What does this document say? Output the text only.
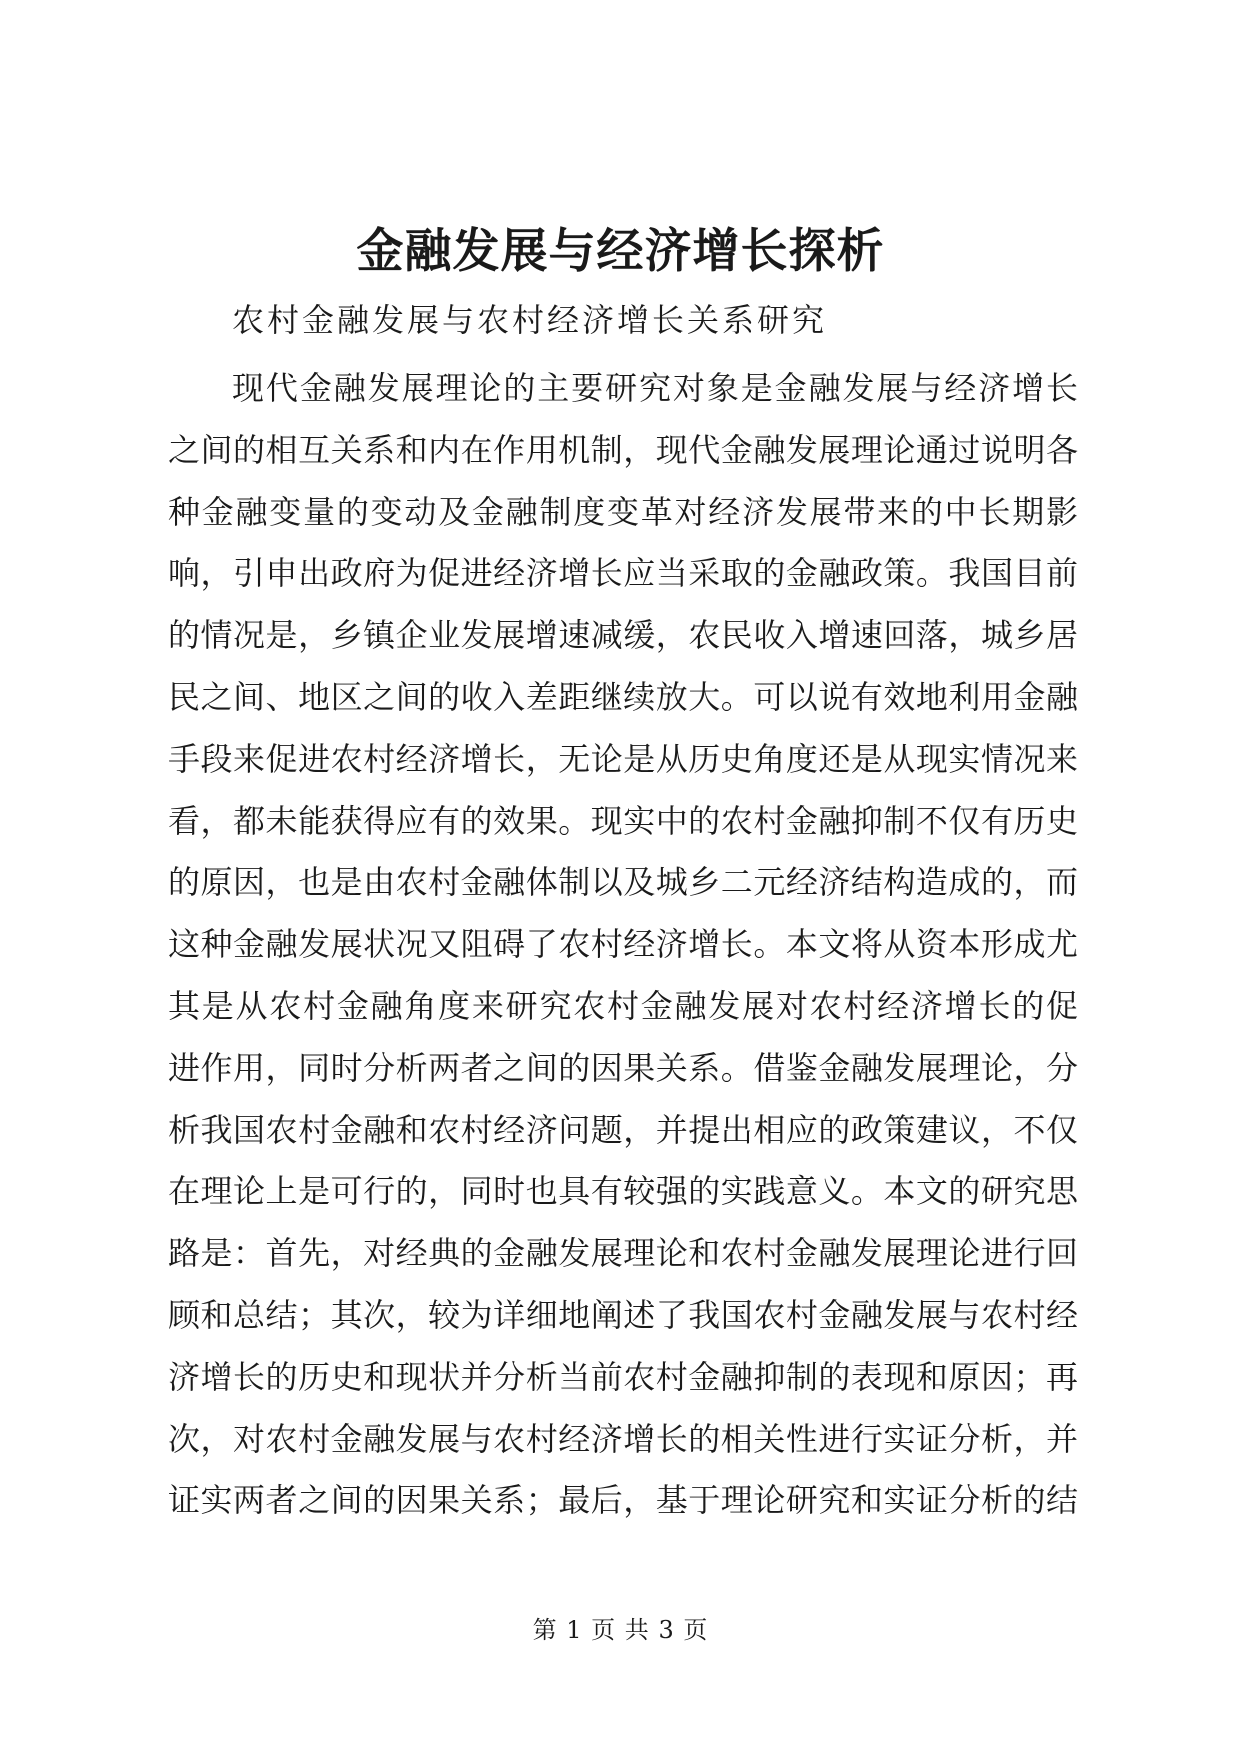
金融发展与经济增长探析

农村金融发展与农村经济增长关系研究

现代金融发展理论的主要研究对象是金融发展与经济增长
之间的相互关系和内在作用机制，现代金融发展理论通过说明各
种金融变量的变动及金融制度变革对经济发展带来的中长期影
响，引申出政府为促进经济增长应当采取的金融政策。我国目前
的情况是，乡镇企业发展增速减缓，农民收入增速回落，城乡居
民之间、地区之间的收入差距继续放大。可以说有效地利用金融
手段来促进农村经济增长，无论是从历史角度还是从现实情况来
看，都未能获得应有的效果。现实中的农村金融抑制不仅有历史
的原因，也是由农村金融体制以及城乡二元经济结构造成的，而
这种金融发展状况又阻碍了农村经济增长。本文将从资本形成尤
其是从农村金融角度来研究农村金融发展对农村经济增长的促
进作用，同时分析两者之间的因果关系。借鉴金融发展理论，分
析我国农村金融和农村经济问题，并提出相应的政策建议，不仅
在理论上是可行的，同时也具有较强的实践意义。本文的研究思
路是：首先，对经典的金融发展理论和农村金融发展理论进行回
顾和总结；其次，较为详细地阐述了我国农村金融发展与农村经
济增长的历史和现状并分析当前农村金融抑制的表现和原因；再
次，对农村金融发展与农村经济增长的相关性进行实证分析，并
证实两者之间的因果关系；最后，基于理论研究和实证分析的结
第 1 页 共 3 页
